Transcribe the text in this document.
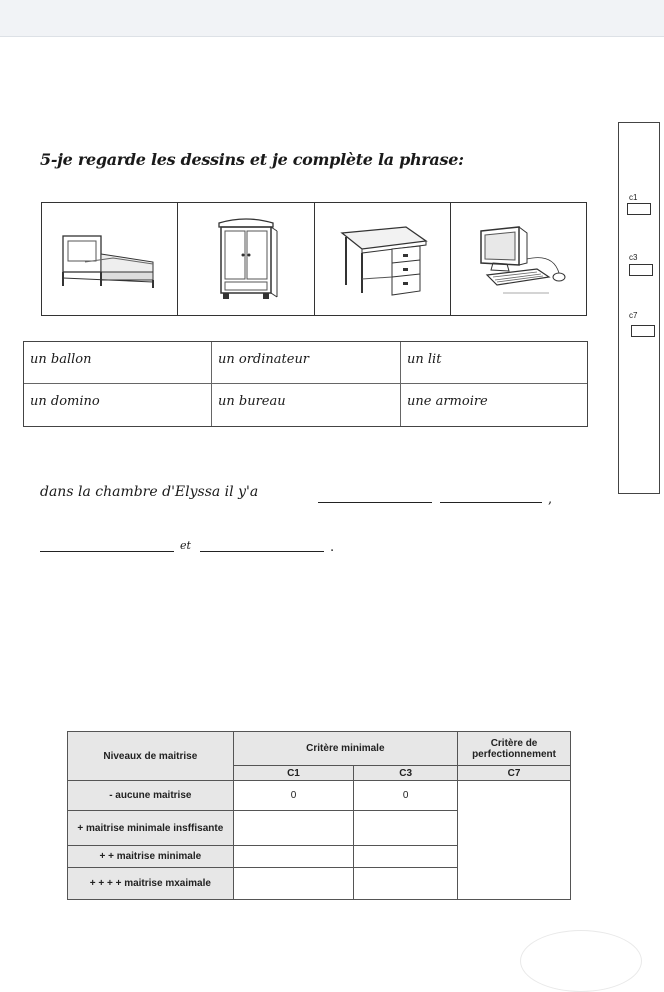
5-je regarde les dessins et je complète la phrase:
un ballon	un ordinateur	un lit
un domino	un bureau	une armoire
dans la chambre d'Elyssa il y'a	,
et	.
c1
c3
c7
Niveaux de maitrise	Critère minimale		Critère de perfectionnement
	C1	C3	C7
- aucune maitrise	0	0	
+ maitrise minimale insffisante			
+ + maitrise minimale			
+ + + + maitrise mxaimale			
